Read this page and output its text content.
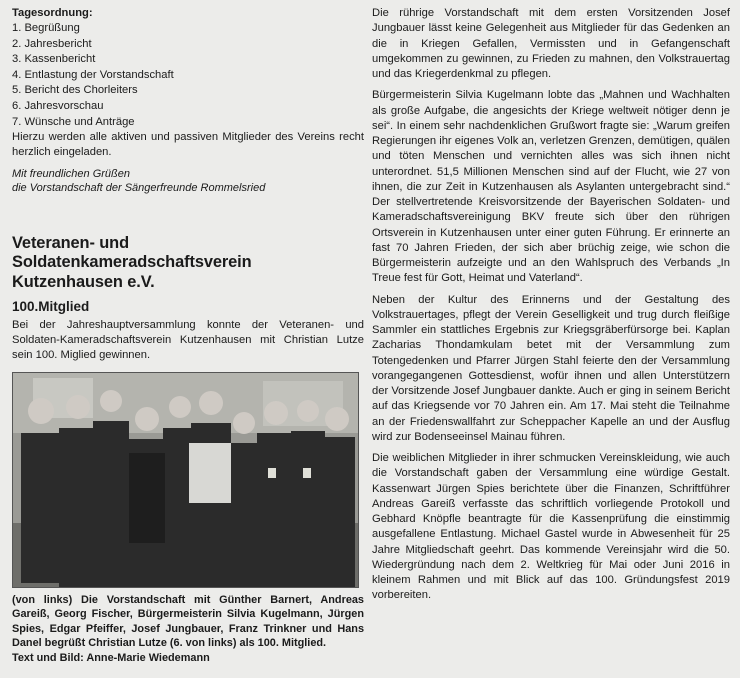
Tagesordnung:
1. Begrüßung
2. Jahresbericht
3. Kassenbericht
4. Entlastung der Vorstandschaft
5. Bericht des Chorleiters
6. Jahresvorschau
7. Wünsche und Anträge

Hierzu werden alle aktiven und passiven Mitglieder des Vereins recht herzlich eingeladen.

Mit freundlichen Grüßen
die Vorstandschaft der Sängerfreunde Rommelsried
Veteranen- und
Soldatenkameradschaftsverein
Kutzenhausen e.V.
100.Mitglied

Bei der Jahreshauptversammlung konnte der Veteranen- und Soldaten-Kameradschaftsverein Kutzenhausen mit Christian Lutze sein 100. Miglied gewinnen.

(von links) Die Vorstandschaft mit Günther Barnert, Andreas Gareiß, Georg Fischer, Bürgermeisterin Silvia Kugelmann, Jürgen Spies, Edgar Pfeiffer, Josef Jungbauer, Franz Trinkner und Hans Danel begrüßt Christian Lutze (6. von links) als 100. Mitglied.
Text und Bild: Anne-Marie Wiedemann

Die rührige Vorstandschaft mit dem ersten Vorsitzenden Josef Jungbauer lässt keine Gelegenheit aus Mitglieder für das Gedenken an die in Kriegen Gefallen, Vermissten und in Gefangenschaft umgekommen zu gewinnen, zu Frieden zu mahnen, den Volkstrauertag und das Kriegerdenkmal zu pflegen.

Bürgermeisterin Silvia Kugelmann lobte das „Mahnen und Wachhalten als große Aufgabe, die angesichts der Kriege weltweit nötiger denn je sei“. In einem sehr nachdenklichen Grußwort fragte sie: „Warum greifen Regierungen ihr eigenes Volk an, verletzen Grenzen, demütigen, quälen und töten Menschen und vernichten alles was sich ihnen nicht unterordnet. 51,5 Millionen Menschen sind auf der Flucht, wie 27 von ihnen, die zur Zeit in Kutzenhausen als Asylanten untergebracht sind.“ Der stellvertretende Kreisvorsitzende der Bayerischen Soldaten- und Kameradschaftsvereinigung BKV freute sich über den rührigen Ortsverein in Kutzenhausen unter einer guten Führung. Er erinnerte an fast 70 Jahren Frieden, der sich aber brüchig zeige, wie schon die Bürgermeisterin aufzeigte und an den Wahlspruch des Verbands „In Treue fest für Gott, Heimat und Vaterland“.

Neben der Kultur des Erinnerns und der Gestaltung des Volkstrauertages, pflegt der Verein Geselligkeit und trug durch fleißige Sammler ein stattliches Ergebnis zur Kriegsgräberfürsorge bei. Kaplan Zacharias Thondamkulam betet mit der Versammlung zum Totengedenken und Pfarrer Jürgen Stahl feierte den der Versammlung vorangegangenen Gottesdienst, wofür ihnen und allen Unterstützern der Vorsitzende Josef Jungbauer dankte. Auch er ging in seinem Bericht auf das Kriegsende vor 70 Jahren ein. Am 17. Mai steht die Teilnahme an der Friedenswallfahrt zur Scheppacher Kapelle an und der Ausflug wird zur Bodenseeinsel Mainau führen.

Die weiblichen Mitglieder in ihrer schmucken Vereinskleidung, wie auch die Vorstandschaft gaben der Versammlung eine würdige Gestalt. Kassenwart Jürgen Spies berichtete über die Finanzen, Schriftführer Andreas Gareiß verfasste das schriftlich vorliegende Protokoll und Gebhard Knöpfle beantragte für die Kassenprüfung die einstimmig ausgefallene Entlastung. Michael Gastel wurde in Abwesenheit für 25 Jahre Mitgliedschaft geehrt. Das kommende Vereinsjahr wird die 50. Wiedergründung nach dem 2. Weltkrieg für Mai oder Juni 2016 in kleinem Rahmen und mit Blick auf das 100. Gründungsfest 2019 vorbereiten.
